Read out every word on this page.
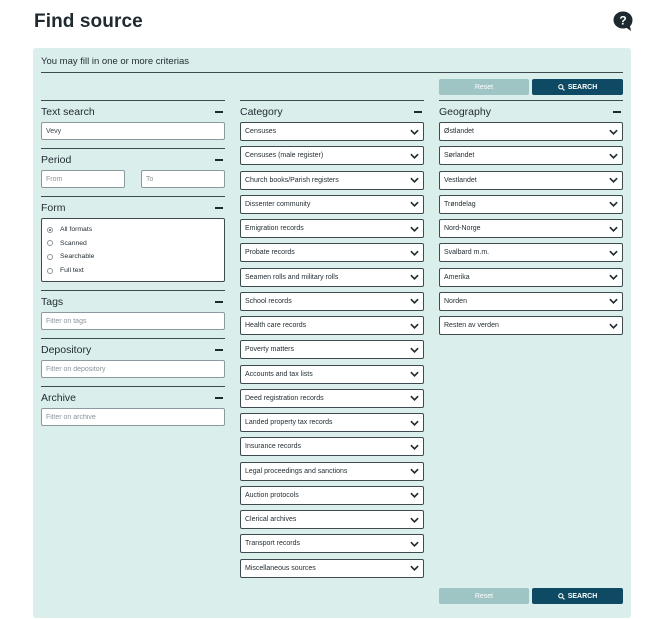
Find source	?
You may fill in one or more criterias
Reset	SEARCH
Text search
Vevy
Period
From
To
Form
All formats
Scanned
Searchable
Full text
Tags
Filter on tags
Depository
Filter on depository
Archive
Filter on archive
Category
Censuses
Censuses (male register)
Church books/Parish registers
Dissenter community
Emigration records
Probate records
Seamen rolls and military rolls
School records
Health care records
Poverty matters
Accounts and tax lists
Deed registration records
Landed property tax records
Insurance records
Legal proceedings and sanctions
Auction protocols
Clerical archives
Transport records
Miscellaneous sources
Geography
Østlandet
Sørlandet
Vestlandet
Trøndelag
Nord-Norge
Svalbard m.m.
Amerika
Norden
Resten av verden
Reset	SEARCH
